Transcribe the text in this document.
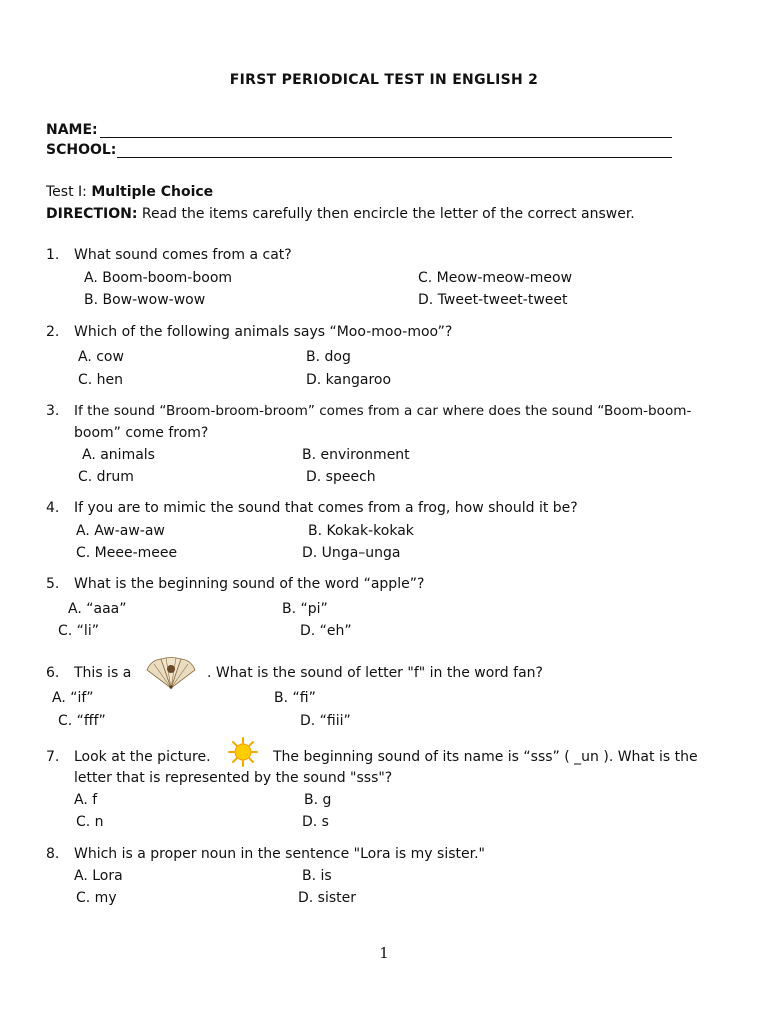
FIRST PERIODICAL TEST IN ENGLISH 2
NAME:
SCHOOL:
Test I: Multiple Choice
DIRECTION: Read the items carefully then encircle the letter of the correct answer.
1. What sound comes from a cat?
A. Boom-boom-boom	C. Meow-meow-meow
B. Bow-wow-wow	D. Tweet-tweet-tweet
2. Which of the following animals says “Moo-moo-moo”?
A. cow	B. dog
C. hen	D. kangaroo
3. If the sound “Broom-broom-broom” comes from a car where does the sound “Boom-boom-
boom” come from?
A. animals	B. environment
C. drum	D. speech
4. If you are to mimic the sound that comes from a frog, how should it be?
A. Aw-aw-aw	B. Kokak-kokak
C. Meee-meee	D. Unga–unga
5. What is the beginning sound of the word “apple”?
A. “aaa”	B. “pi”
C. “li”	D. “eh”
6. This is a	. What is the sound of letter "f" in the word fan?
A. “if”	B. “fi”
C. “fff”	D. “fiii”
7. Look at the picture.	The beginning sound of its name is “sss” ( _un ). What is the
letter that is represented by the sound "sss"?
A. f	B. g
C. n	D. s
8. Which is a proper noun in the sentence "Lora is my sister."
A. Lora	B. is
C. my	D. sister
1
